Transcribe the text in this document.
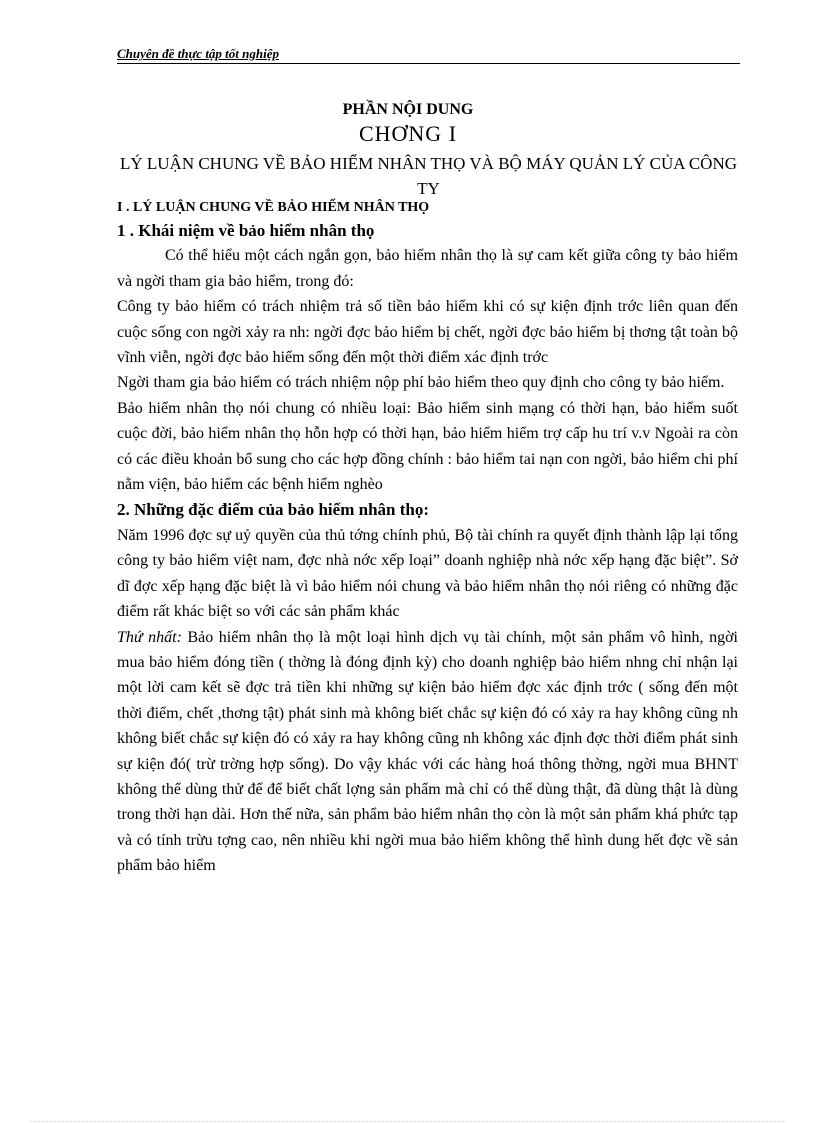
Chuyên đề thực tập tốt nghiệp
PHẦN NỘI DUNG
CHƠNG I
LÝ LUẬN CHUNG VỀ BẢO HIỂM NHÂN THỌ VÀ BỘ MÁY QUẢN LÝ CỦA CÔNG TY
I . LÝ LUẬN CHUNG VỀ BẢO HIỂM NHÂN THỌ
1 . Khái niệm về bảo hiểm nhân thọ

Có thể hiểu một cách ngắn gọn, bảo hiểm nhân thọ là sự cam kết giữa công ty bảo hiểm và ngời tham gia bảo hiểm, trong đó:

Công ty bảo hiểm có trách nhiệm trả số tiền bảo hiểm khi có sự kiện định trớc liên quan đến cuộc sống con ngời xảy ra nh: ngời đợc bảo hiểm bị chết, ngời đợc bảo hiểm bị thơng tật toàn bộ vĩnh viễn, ngời đợc bảo hiểm sống đến một thời điểm xác định trớc

Ngời tham gia bảo hiểm có trách nhiệm nộp phí bảo hiểm theo quy định cho công ty bảo hiểm.

Bảo hiểm nhân thọ nói chung có nhiều loại: Bảo hiểm sinh mạng có thời hạn, bảo hiểm suốt cuộc đời, bảo hiểm nhân thọ hỗn hợp có thời hạn, bảo hiểm hiểm trợ cấp hu trí v.v Ngoài ra còn có các điều khoản bổ sung cho các hợp đồng chính : bảo hiểm tai nạn con ngời, bảo hiểm chi phí nằm viện, bảo hiểm các bệnh hiểm nghèo

2. Những đặc điểm của bảo hiểm nhân thọ:

Năm 1996 đợc sự uỷ quyền của thủ tớng chính phủ, Bộ tài chính ra quyết định thành lập lại tổng công ty bảo hiểm việt nam, đợc nhà nớc xếp loại” doanh nghiệp nhà nớc xếp hạng đặc biệt”. Sở dĩ đợc xếp hạng đặc biệt là vì bảo hiểm nói chung và bảo hiểm nhân thọ nói riêng có những đặc điểm rất khác biệt so với các sản phẩm khác

Thứ nhất: Bảo hiểm nhân thọ là một loại hình dịch vụ tài chính, một sản phẩm vô hình, ngời mua bảo hiểm đóng tiền ( thờng là đóng định kỳ) cho doanh nghiệp bảo hiểm nhng chỉ nhận lại một lời cam kết sẽ đợc trả tiền khi những sự kiện bảo hiểm đợc xác định trớc ( sống đến một thời điểm, chết ,thơng tật) phát sinh mà không biết chắc sự kiện đó có xảy ra hay không cũng nh không biết chắc sự kiện đó có xảy ra hay không cũng nh không xác định đợc thời điểm phát sinh sự kiện đó( trừ trờng hợp sống). Do vậy khác với các hàng hoá thông thờng, ngời mua BHNT không thể dùng thử để để biết chất lợng sản phẩm mà chỉ có thể dùng thật, đã dùng thật là dùng trong thời hạn dài. Hơn thế nữa, sản phẩm bảo hiểm nhân thọ còn là một sản phẩm khá phức tạp và có tính trừu tợng cao, nên nhiều khi ngời mua bảo hiểm không thể hình dung hết đợc về sản phẩm bảo hiểm
